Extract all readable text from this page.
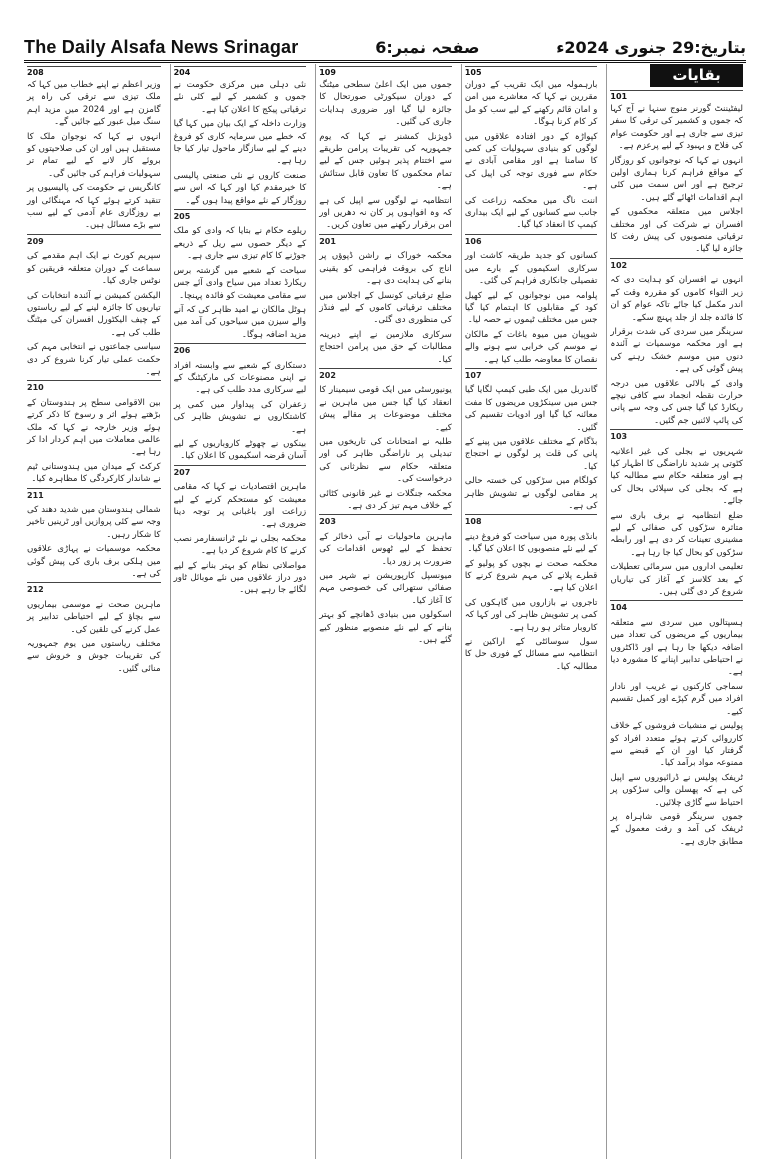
The Daily Alsafa News Srinagar	صفحہ نمبر:6	بتاریخ:29 جنوری 2024ء
بقایات
101

لیفٹیننٹ گورنر منوج سنہا نے آج کہا کہ جموں و کشمیر کی ترقی کا سفر تیزی سے جاری ہے اور حکومت عوام کی فلاح و بہبود کے لیے پرعزم ہے۔

انہوں نے کہا کہ نوجوانوں کو روزگار کے مواقع فراہم کرنا ہماری اولین ترجیح ہے اور اس سمت میں کئی اہم اقدامات اٹھائے گئے ہیں۔

اجلاس میں متعلقہ محکموں کے افسران نے شرکت کی اور مختلف ترقیاتی منصوبوں کی پیش رفت کا جائزہ لیا گیا۔

102

انہوں نے افسران کو ہدایت دی کہ زیر التواء کاموں کو مقررہ وقت کے اندر مکمل کیا جائے تاکہ عوام کو ان کا فائدہ جلد از جلد پہنچ سکے۔

سرینگر میں سردی کی شدت برقرار ہے اور محکمہ موسمیات نے آئندہ دنوں میں موسم خشک رہنے کی پیش گوئی کی ہے۔

وادی کے بالائی علاقوں میں درجہ حرارت نقطہ انجماد سے کافی نیچے ریکارڈ کیا گیا جس کی وجہ سے پانی کی پائپ لائنیں جم گئیں۔

103

شہریوں نے بجلی کی غیر اعلانیہ کٹوتی پر شدید ناراضگی کا اظہار کیا ہے اور متعلقہ حکام سے مطالبہ کیا ہے کہ بجلی کی سپلائی بحال کی جائے۔

ضلع انتظامیہ نے برف باری سے متاثرہ سڑکوں کی صفائی کے لیے مشینری تعینات کر دی ہے اور رابطہ سڑکوں کو بحال کیا جا رہا ہے۔

تعلیمی اداروں میں سرمائی تعطیلات کے بعد کلاسز کے آغاز کی تیاریاں شروع کر دی گئی ہیں۔

104

ہسپتالوں میں سردی سے متعلقہ بیماریوں کے مریضوں کی تعداد میں اضافہ دیکھا جا رہا ہے اور ڈاکٹروں نے احتیاطی تدابیر اپنانے کا مشورہ دیا ہے۔

سماجی کارکنوں نے غریب اور نادار افراد میں گرم کپڑے اور کمبل تقسیم کیے۔

پولیس نے منشیات فروشوں کے خلاف کارروائی کرتے ہوئے متعدد افراد کو گرفتار کیا اور ان کے قبضے سے ممنوعہ مواد برآمد کیا۔

ٹریفک پولیس نے ڈرائیوروں سے اپیل کی ہے کہ پھسلن والی سڑکوں پر احتیاط سے گاڑی چلائیں۔

جموں سرینگر قومی شاہراہ پر ٹریفک کی آمد و رفت معمول کے مطابق جاری ہے۔

105

بارہمولہ میں ایک تقریب کے دوران مقررین نے کہا کہ معاشرے میں امن و امان قائم رکھنے کے لیے سب کو مل کر کام کرنا ہوگا۔

کپواڑہ کے دور افتادہ علاقوں میں لوگوں کو بنیادی سہولیات کی کمی کا سامنا ہے اور مقامی آبادی نے حکام سے فوری توجہ کی اپیل کی ہے۔

اننت ناگ میں محکمہ زراعت کی جانب سے کسانوں کے لیے ایک بیداری کیمپ کا انعقاد کیا گیا۔

106

کسانوں کو جدید طریقہ کاشت اور سرکاری اسکیموں کے بارے میں تفصیلی جانکاری فراہم کی گئی۔

پلوامہ میں نوجوانوں کے لیے کھیل کود کے مقابلوں کا اہتمام کیا گیا جس میں مختلف ٹیموں نے حصہ لیا۔

شوپیان میں میوہ باغات کے مالکان نے موسم کی خرابی سے ہونے والے نقصان کا معاوضہ طلب کیا ہے۔

107

گاندربل میں ایک طبی کیمپ لگایا گیا جس میں سینکڑوں مریضوں کا مفت معائنہ کیا گیا اور ادویات تقسیم کی گئیں۔

بڈگام کے مختلف علاقوں میں پینے کے پانی کی قلت پر لوگوں نے احتجاج کیا۔

کولگام میں سڑکوں کی خستہ حالی پر مقامی لوگوں نے تشویش ظاہر کی ہے۔

108

بانڈی پورہ میں سیاحت کو فروغ دینے کے لیے نئے منصوبوں کا اعلان کیا گیا۔

محکمہ صحت نے بچوں کو پولیو کے قطرے پلانے کی مہم شروع کرنے کا اعلان کیا ہے۔

تاجروں نے بازاروں میں گاہکوں کی کمی پر تشویش ظاہر کی اور کہا کہ کاروبار متاثر ہو رہا ہے۔

سول سوسائٹی کے اراکین نے انتظامیہ سے مسائل کے فوری حل کا مطالبہ کیا۔

109

جموں میں ایک اعلیٰ سطحی میٹنگ کے دوران سیکورٹی صورتحال کا جائزہ لیا گیا اور ضروری ہدایات جاری کی گئیں۔

ڈویژنل کمشنر نے کہا کہ یوم جمہوریہ کی تقریبات پرامن طریقے سے اختتام پذیر ہوئیں جس کے لیے تمام محکموں کا تعاون قابل ستائش ہے۔

انتظامیہ نے لوگوں سے اپیل کی ہے کہ وہ افواہوں پر کان نہ دھریں اور امن برقرار رکھنے میں تعاون کریں۔

201

محکمہ خوراک نے راشن ڈپوؤں پر اناج کی بروقت فراہمی کو یقینی بنانے کی ہدایت دی ہے۔

ضلع ترقیاتی کونسل کے اجلاس میں مختلف ترقیاتی کاموں کے لیے فنڈز کی منظوری دی گئی۔

سرکاری ملازمین نے اپنے دیرینہ مطالبات کے حق میں پرامن احتجاج کیا۔

202

یونیورسٹی میں ایک قومی سیمینار کا انعقاد کیا گیا جس میں ماہرین نے مختلف موضوعات پر مقالے پیش کیے۔

طلبہ نے امتحانات کی تاریخوں میں تبدیلی پر ناراضگی ظاہر کی اور متعلقہ حکام سے نظرثانی کی درخواست کی۔

محکمہ جنگلات نے غیر قانونی کٹائی کے خلاف مہم تیز کر دی ہے۔

203

ماہرین ماحولیات نے آبی ذخائر کے تحفظ کے لیے ٹھوس اقدامات کی ضرورت پر زور دیا۔

میونسپل کارپوریشن نے شہر میں صفائی ستھرائی کی خصوصی مہم کا آغاز کیا۔

اسکولوں میں بنیادی ڈھانچے کو بہتر بنانے کے لیے نئے منصوبے منظور کیے گئے ہیں۔

204

نئی دہلی میں مرکزی حکومت نے جموں و کشمیر کے لیے کئی نئے ترقیاتی پیکج کا اعلان کیا ہے۔

وزارت داخلہ کے ایک بیان میں کہا گیا کہ خطے میں سرمایہ کاری کو فروغ دینے کے لیے سازگار ماحول تیار کیا جا رہا ہے۔

صنعت کاروں نے نئی صنعتی پالیسی کا خیرمقدم کیا اور کہا کہ اس سے روزگار کے نئے مواقع پیدا ہوں گے۔

205

ریلوے حکام نے بتایا کہ وادی کو ملک کے دیگر حصوں سے ریل کے ذریعے جوڑنے کا کام تیزی سے جاری ہے۔

سیاحت کے شعبے میں گزشتہ برس ریکارڈ تعداد میں سیاح وادی آئے جس سے مقامی معیشت کو فائدہ پہنچا۔

ہوٹل مالکان نے امید ظاہر کی کہ آنے والے سیزن میں سیاحوں کی آمد میں مزید اضافہ ہوگا۔

206

دستکاری کے شعبے سے وابستہ افراد نے اپنی مصنوعات کی مارکیٹنگ کے لیے سرکاری مدد طلب کی ہے۔

زعفران کی پیداوار میں کمی پر کاشتکاروں نے تشویش ظاہر کی ہے۔

بینکوں نے چھوٹے کاروباریوں کے لیے آسان قرضہ اسکیموں کا اعلان کیا۔

207

ماہرین اقتصادیات نے کہا کہ مقامی معیشت کو مستحکم کرنے کے لیے زراعت اور باغبانی پر توجہ دینا ضروری ہے۔

محکمہ بجلی نے نئے ٹرانسفارمر نصب کرنے کا کام شروع کر دیا ہے۔

مواصلاتی نظام کو بہتر بنانے کے لیے دور دراز علاقوں میں نئے موبائل ٹاور لگائے جا رہے ہیں۔

208

وزیر اعظم نے اپنے خطاب میں کہا کہ ملک تیزی سے ترقی کی راہ پر گامزن ہے اور 2024 میں مزید اہم سنگ میل عبور کیے جائیں گے۔

انہوں نے کہا کہ نوجوان ملک کا مستقبل ہیں اور ان کی صلاحیتوں کو بروئے کار لانے کے لیے تمام تر سہولیات فراہم کی جائیں گی۔

کانگریس نے حکومت کی پالیسیوں پر تنقید کرتے ہوئے کہا کہ مہنگائی اور بے روزگاری عام آدمی کے لیے سب سے بڑے مسائل ہیں۔

209

سپریم کورٹ نے ایک اہم مقدمے کی سماعت کے دوران متعلقہ فریقین کو نوٹس جاری کیا۔

الیکشن کمیشن نے آئندہ انتخابات کی تیاریوں کا جائزہ لینے کے لیے ریاستوں کے چیف الیکٹورل افسران کی میٹنگ طلب کی ہے۔

سیاسی جماعتوں نے انتخابی مہم کی حکمت عملی تیار کرنا شروع کر دی ہے۔

210

بین الاقوامی سطح پر ہندوستان کے بڑھتے ہوئے اثر و رسوخ کا ذکر کرتے ہوئے وزیر خارجہ نے کہا کہ ملک عالمی معاملات میں اہم کردار ادا کر رہا ہے۔

کرکٹ کے میدان میں ہندوستانی ٹیم نے شاندار کارکردگی کا مظاہرہ کیا۔

211

شمالی ہندوستان میں شدید دھند کی وجہ سے کئی پروازیں اور ٹرینیں تاخیر کا شکار رہیں۔

محکمہ موسمیات نے پہاڑی علاقوں میں ہلکی برف باری کی پیش گوئی کی ہے۔

212

ماہرین صحت نے موسمی بیماریوں سے بچاؤ کے لیے احتیاطی تدابیر پر عمل کرنے کی تلقین کی۔

مختلف ریاستوں میں یوم جمہوریہ کی تقریبات جوش و خروش سے منائی گئیں۔
